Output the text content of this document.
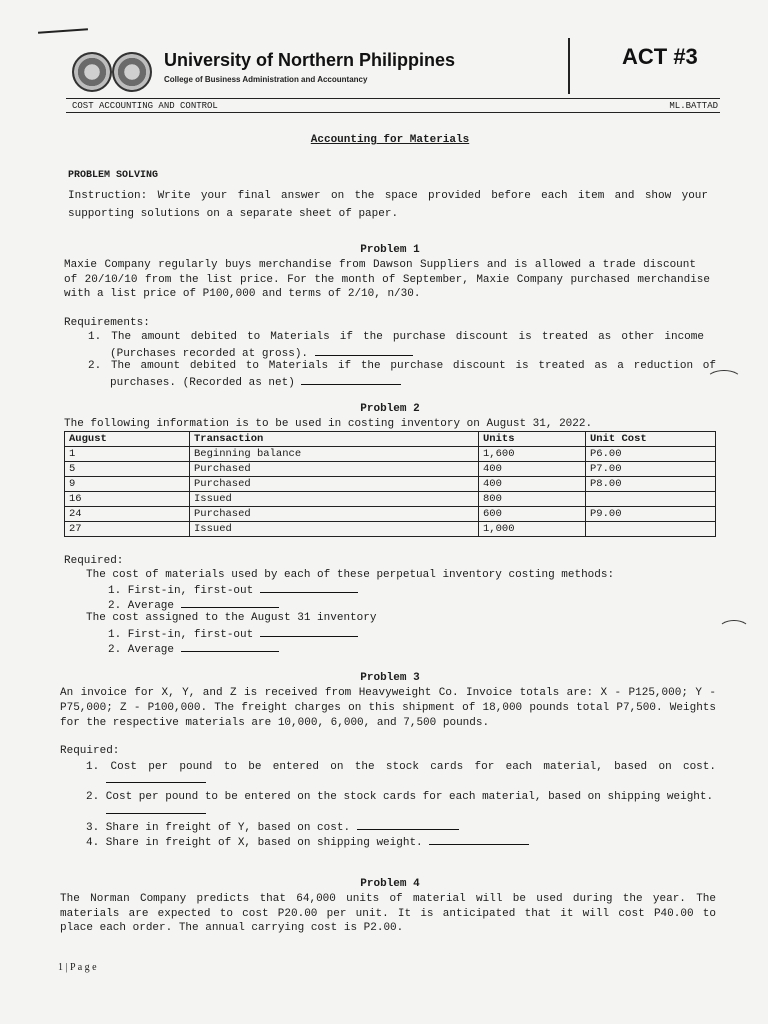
University of Northern Philippines
College of Business Administration and Accountancy
ACT #3
COST ACCOUNTING AND CONTROL	ML.BATTAD
Accounting for Materials
PROBLEM SOLVING
Instruction: Write your final answer on the space provided before each item and show your
supporting solutions on a separate sheet of paper.
Problem 1
Maxie Company regularly buys merchandise from Dawson Suppliers and is allowed a trade discount
of 20/10/10 from the list price. For the month of September, Maxie Company purchased merchandise
with a list price of P100,000 and terms of 2/10, n/30.
Requirements:
1. The amount debited to Materials if the purchase discount is treated as other income
(Purchases recorded at gross).
2. The amount debited to Materials if the purchase discount is treated as a reduction of
purchases. (Recorded as net)
Problem 2
The following information is to be used in costing inventory on August 31, 2022.
August	Transaction	Units	Unit Cost
1	Beginning balance	1,600	P6.00
5	Purchased	400	P7.00
9	Purchased	400	P8.00
16	Issued	800	
24	Purchased	600	P9.00
27	Issued	1,000	
Required:
The cost of materials used by each of these perpetual inventory costing methods:
1. First-in, first-out
2. Average
The cost assigned to the August 31 inventory
1. First-in, first-out
2. Average
Problem 3
An invoice for X, Y, and Z is received from Heavyweight Co. Invoice totals are: X - P125,000; Y -
P75,000; Z - P100,000. The freight charges on this shipment of 18,000 pounds total P7,500. Weights
for the respective materials are 10,000, 6,000, and 7,500 pounds.
Required:
1. Cost per pound to be entered on the stock cards for each material, based on cost.
2. Cost per pound to be entered on the stock cards for each material, based on shipping weight.
3. Share in freight of Y, based on cost.
4. Share in freight of X, based on shipping weight.
Problem 4
The Norman Company predicts that 64,000 units of material will be used during the year. The
materials are expected to cost P20.00 per unit. It is anticipated that it will cost P40.00 to
place each order. The annual carrying cost is P2.00.
1 | P a g e
